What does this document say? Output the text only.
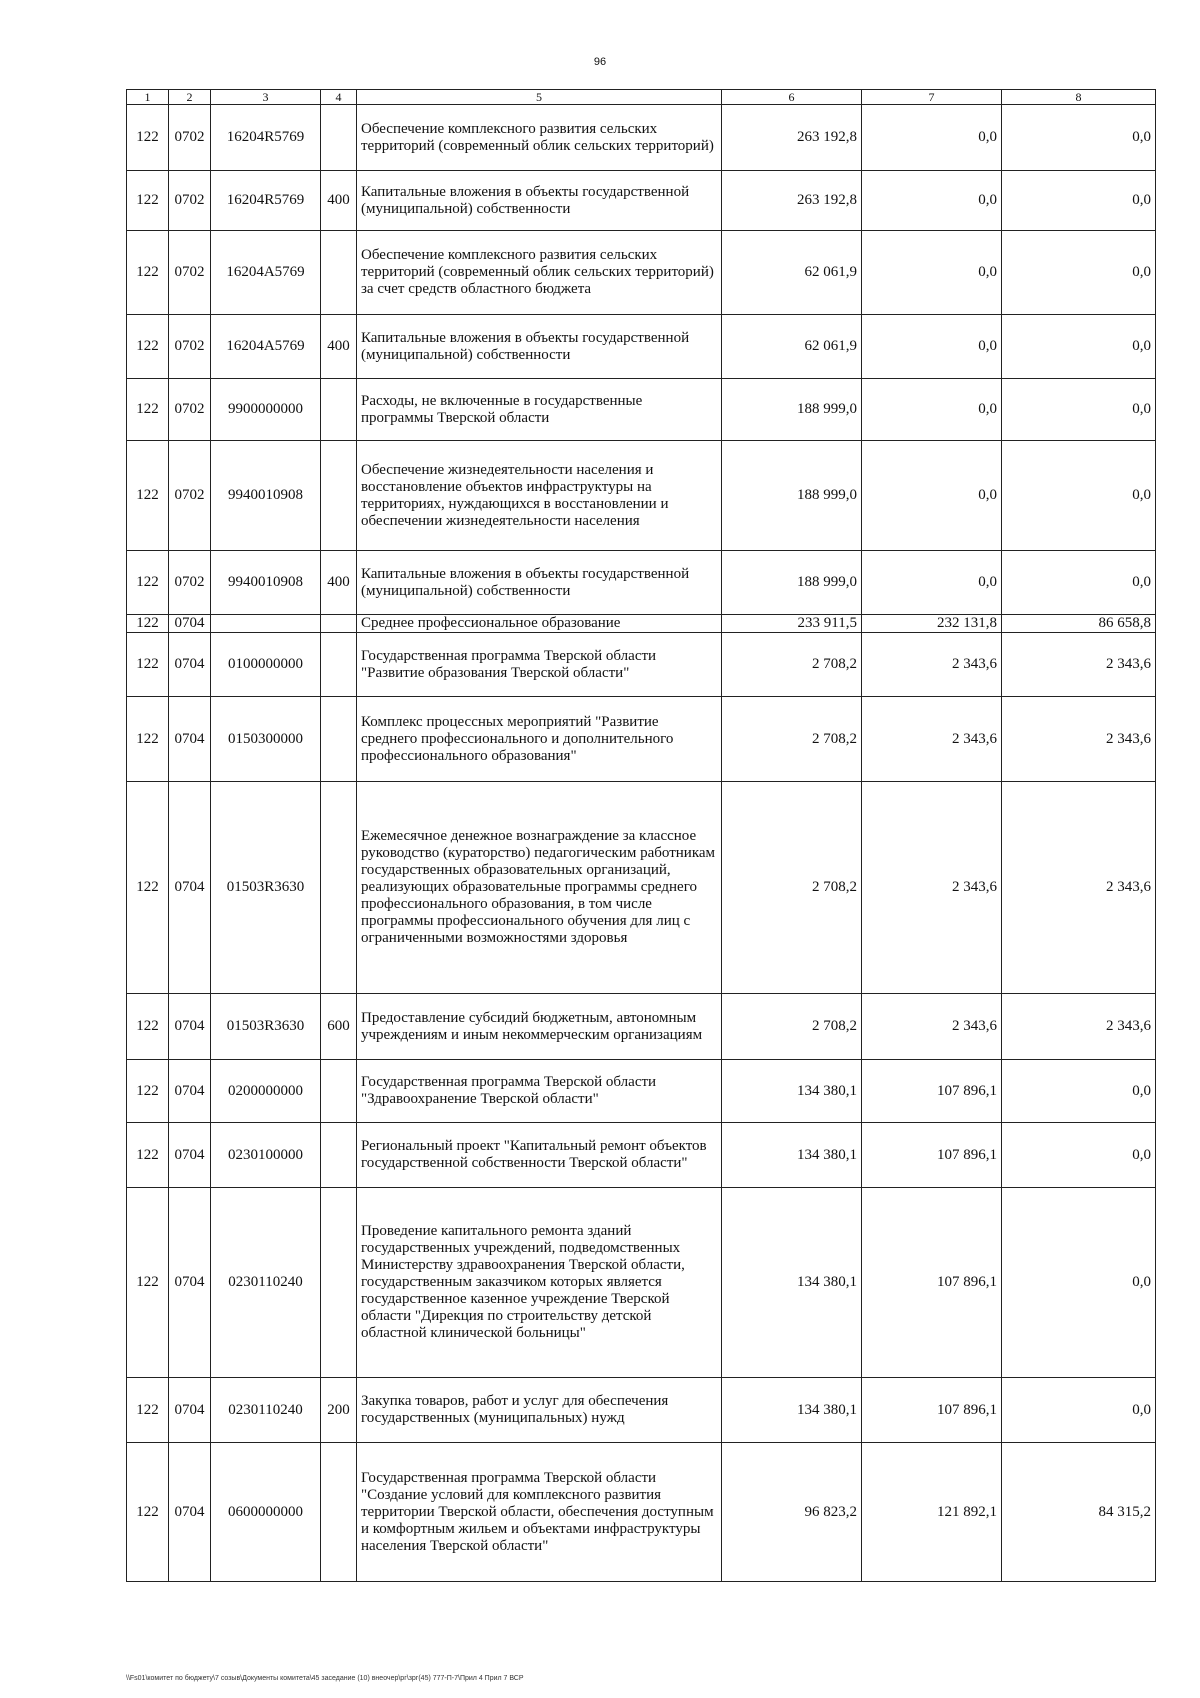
96
1	2	3	4	5	6	7	8
122	0702	16204R5769		Обеспечение комплексного развития сельских территорий (современный облик сельских территорий)	263 192,8	0,0	0,0
122	0702	16204R5769	400	Капитальные вложения в объекты государственной (муниципальной) собственности	263 192,8	0,0	0,0
122	0702	16204A5769		Обеспечение комплексного развития сельских территорий (современный облик сельских территорий) за счет средств областного бюджета	62 061,9	0,0	0,0
122	0702	16204A5769	400	Капитальные вложения в объекты государственной (муниципальной) собственности	62 061,9	0,0	0,0
122	0702	9900000000		Расходы, не включенные в государственные программы Тверской области	188 999,0	0,0	0,0
122	0702	9940010908		Обеспечение жизнедеятельности населения и восстановление объектов инфраструктуры на территориях, нуждающихся в восстановлении и обеспечении жизнедеятельности населения	188 999,0	0,0	0,0
122	0702	9940010908	400	Капитальные вложения в объекты государственной (муниципальной) собственности	188 999,0	0,0	0,0
122	0704			Среднее профессиональное образование	233 911,5	232 131,8	86 658,8
122	0704	0100000000		Государственная программа Тверской области "Развитие образования Тверской области"	2 708,2	2 343,6	2 343,6
122	0704	0150300000		Комплекс процессных мероприятий "Развитие среднего профессионального и дополнительного профессионального образования"	2 708,2	2 343,6	2 343,6
122	0704	01503R3630		Ежемесячное денежное вознаграждение за классное руководство (кураторство) педагогическим работникам государственных образовательных организаций, реализующих образовательные программы среднего профессионального образования, в том числе программы профессионального обучения для лиц с ограниченными возможностями здоровья	2 708,2	2 343,6	2 343,6
122	0704	01503R3630	600	Предоставление субсидий бюджетным, автономным учреждениям и иным некоммерческим организациям	2 708,2	2 343,6	2 343,6
122	0704	0200000000		Государственная программа Тверской области "Здравоохранение Тверской области"	134 380,1	107 896,1	0,0
122	0704	0230100000		Региональный проект "Капитальный ремонт объектов государственной собственности Тверской области"	134 380,1	107 896,1	0,0
122	0704	0230110240		Проведение капитального ремонта зданий государственных учреждений, подведомственных Министерству здравоохранения Тверской области, государственным заказчиком которых является государственное казенное учреждение Тверской области "Дирекция по строительству детской областной клинической больницы"	134 380,1	107 896,1	0,0
122	0704	0230110240	200	Закупка товаров, работ и услуг для обеспечения государственных (муниципальных) нужд	134 380,1	107 896,1	0,0
122	0704	0600000000		Государственная программа Тверской области "Создание условий для комплексного развития территории Тверской области, обеспечения доступным и комфортным жильем и объектами инфраструктуры населения Тверской области"	96 823,2	121 892,1	84 315,2
\\Fs01\комитет по бюджету\7 созыв\Документы комитета\45 заседание (10) внеочер\рг\зрг(45) 777-П-7\Прил 4 Прил 7 ВСР
